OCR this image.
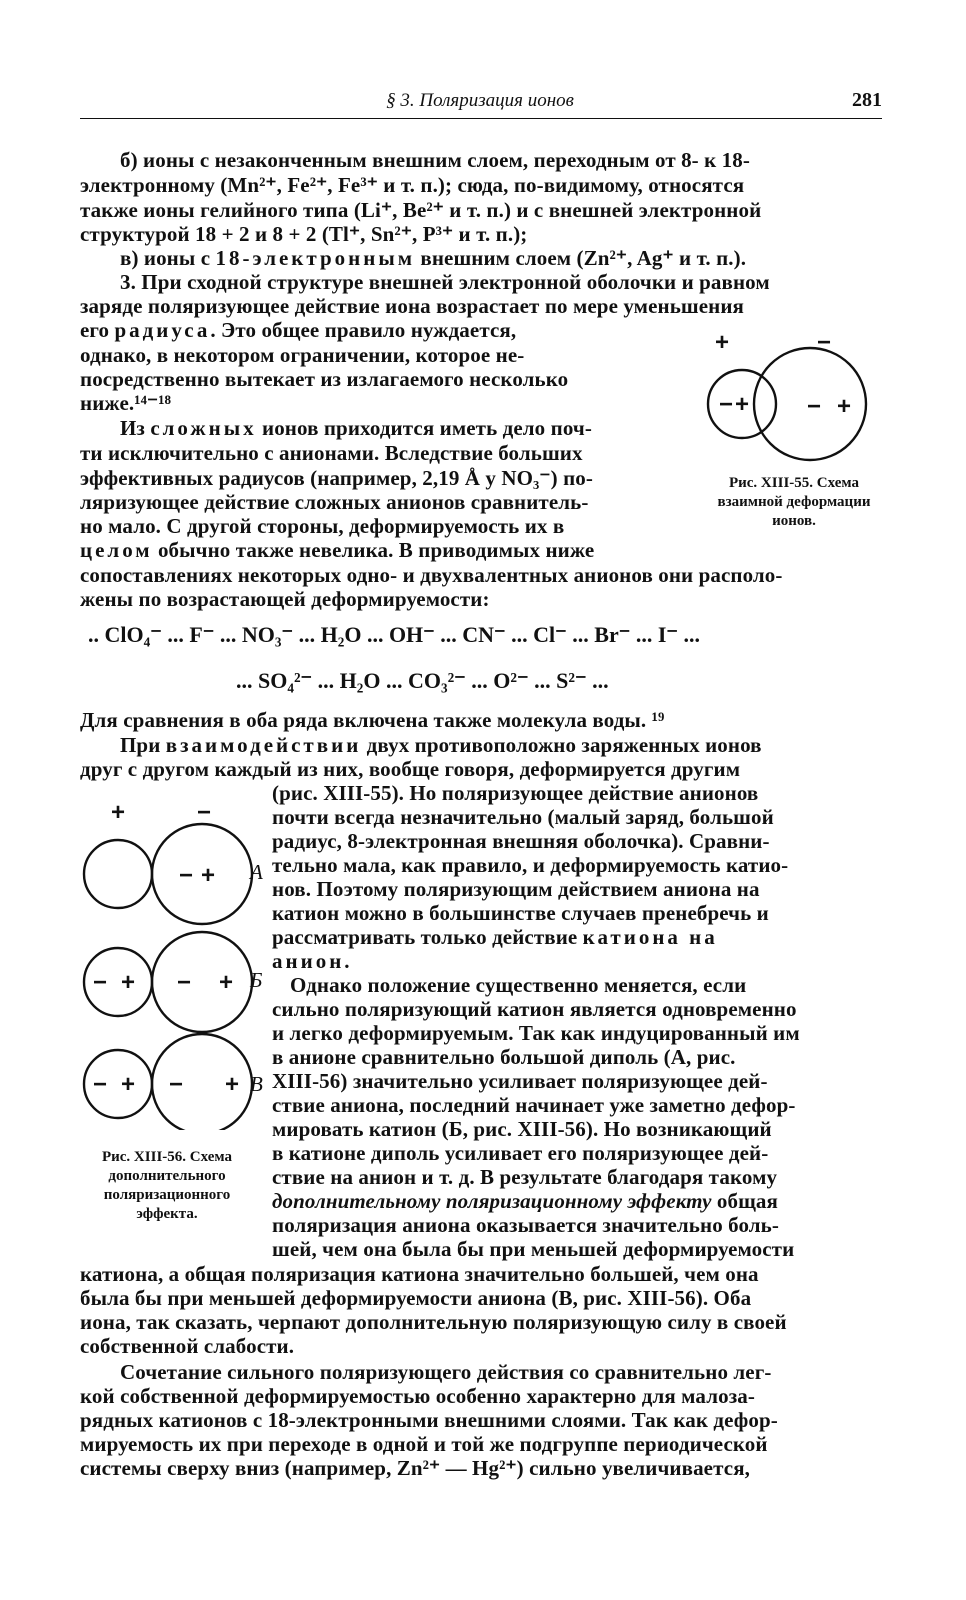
§ 3. Поляризация ионов	281
б) ионы с незаконченным внешним слоем, переходным от 8- к 18-
электронному (Mn²⁺, Fe²⁺, Fe³⁺ и т. п.); сюда, по-видимому, относятся
также ионы гелийного типа (Li⁺, Be²⁺ и т. п.) и с внешней электронной
структурой 18 + 2 и 8 + 2 (Tl⁺, Sn²⁺, P³⁺ и т. п.);
в) ионы с 18-электронным внешним слоем (Zn²⁺, Ag⁺ и т. п.).
3. При сходной структуре внешней электронной оболочки и равном
заряде поляризующее действие иона возрастает по мере уменьшения
его радиуса. Это общее правило нуждается,
однако, в некотором ограничении, которое не-
посредственно вытекает из излагаемого несколько
ниже.¹⁴⁻¹⁸
Из сложных ионов приходится иметь дело поч-
ти исключительно с анионами. Вследствие больших
эффективных радиусов (например, 2,19 Å у NO₃⁻) по-
ляризующее действие сложных анионов сравнитель-
но мало. С другой стороны, деформируемость их в
целом обычно также невелика. В приводимых ниже
сопоставлениях некоторых одно- и двухвалентных анионов они располо-
жены по возрастающей деформируемости:
+	−
− + − +
Рис. XIII-55. Схема взаимной деформации ионов.
.. ClO₄⁻ ... F⁻ ... NO₃⁻ ... H₂O ... OH⁻ ... CN⁻ ... Cl⁻ ... Br⁻ ... I⁻ ...
... SO₄²⁻ ... H₂O ... CO₃²⁻ ... O²⁻ ... S²⁻ ...
Для сравнения в оба ряда включена также молекула воды. ¹⁹
При взаимодействии двух противоположно заряженных ионов
друг с другом каждый из них, вообще говоря, деформируется другим
(рис. XIII-55). Но поляризующее действие анионов
почти всегда незначительно (малый заряд, большой
радиус, 8-электронная внешняя оболочка). Сравни-
тельно мала, как правило, и деформируемость катио-
нов. Поэтому поляризующим действием аниона на
катион можно в большинстве случаев пренебречь и
рассматривать только действие катиона на
анион.
Однако положение существенно меняется, если
сильно поляризующий катион является одновременно
и легко деформируемым. Так как индуцированный им
в анионе сравнительно большой диполь (А, рис.
XIII-56) значительно усиливает поляризующее дей-
ствие аниона, последний начинает уже заметно дефор-
мировать катион (Б, рис. XIII-56). Но возникающий
в катионе диполь усиливает его поляризующее дей-
ствие на анион и т. д. В результате благодаря такому
дополнительному поляризационному эффекту общая
поляризация аниона оказывается значительно боль-
шей, чем она была бы при меньшей деформируемости
+	−
− +
− + − +
− + − +
А
Б
В
Рис. XIII-56. Схема дополнительного поляризационного эффекта.
катиона, а общая поляризация катиона значительно большей, чем она
была бы при меньшей деформируемости аниона (В, рис. XIII-56). Оба
иона, так сказать, черпают дополнительную поляризующую силу в своей
собственной слабости.
Сочетание сильного поляризующего действия со сравнительно лег-
кой собственной деформируемостью особенно характерно для малоза-
рядных катионов с 18-электронными внешними слоями. Так как дефор-
мируемость их при переходе в одной и той же подгруппе периодической
системы сверху вниз (например, Zn²⁺ — Hg²⁺) сильно увеличивается,
